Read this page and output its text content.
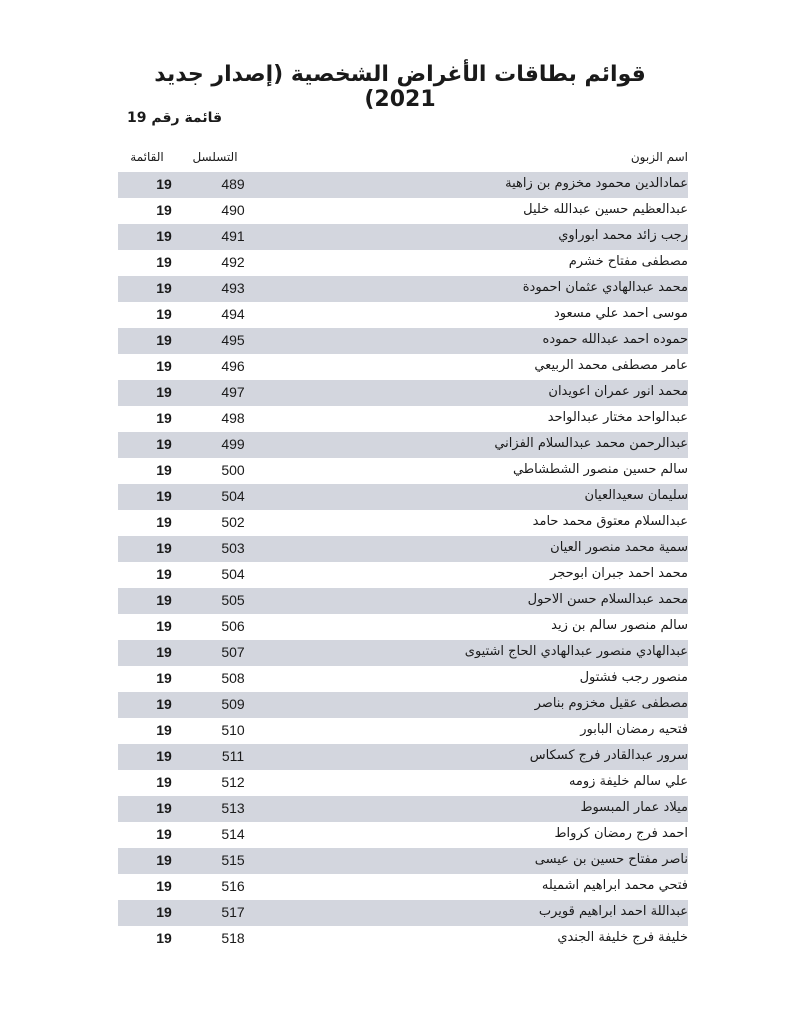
قوائم بطاقات الأغراض الشخصية (إصدار جديد 2021)
قائمة رقم 19
القائمة	التسلسل	اسم الزبون
19	489	عمادالدين محمود مخزوم بن زاهية
19	490	عبدالعظيم حسين عبدالله خليل
19	491	رجب زائد محمد ابوراوي
19	492	مصطفى مفتاح خشرم
19	493	محمد عبدالهادي عثمان احمودة
19	494	موسى احمد علي مسعود
19	495	حموده احمد عبدالله حموده
19	496	عامر مصطفى محمد الربيعي
19	497	محمد انور عمران اعويدان
19	498	عبدالواحد مختار عبدالواحد
19	499	عبدالرحمن محمد عبدالسلام الفزاني
19	500	سالم حسين منصور الشطشاطي
19	504	سليمان سعيدالعيان
19	502	عبدالسلام معتوق محمد حامد
19	503	سمية محمد منصور العيان
19	504	محمد احمد جبران ابوحجر
19	505	محمد عبدالسلام حسن الاحول
19	506	سالم منصور سالم بن زيد
19	507	عبدالهادي منصور عبدالهادي الحاج اشتيوى
19	508	منصور رجب فشتول
19	509	مصطفى عقيل مخزوم بناصر
19	510	فتحيه رمضان البابور
19	511	سرور عبدالقادر فرج كسكاس
19	512	علي سالم خليفة زومه
19	513	ميلاد عمار المبسوط
19	514	احمد فرج رمضان كرواط
19	515	ناصر مفتاح حسين بن عيسى
19	516	فتحي محمد ابراهيم اشميله
19	517	عبداللة احمد ابراهيم قويرب
19	518	خليفة فرج خليفة الجندي
